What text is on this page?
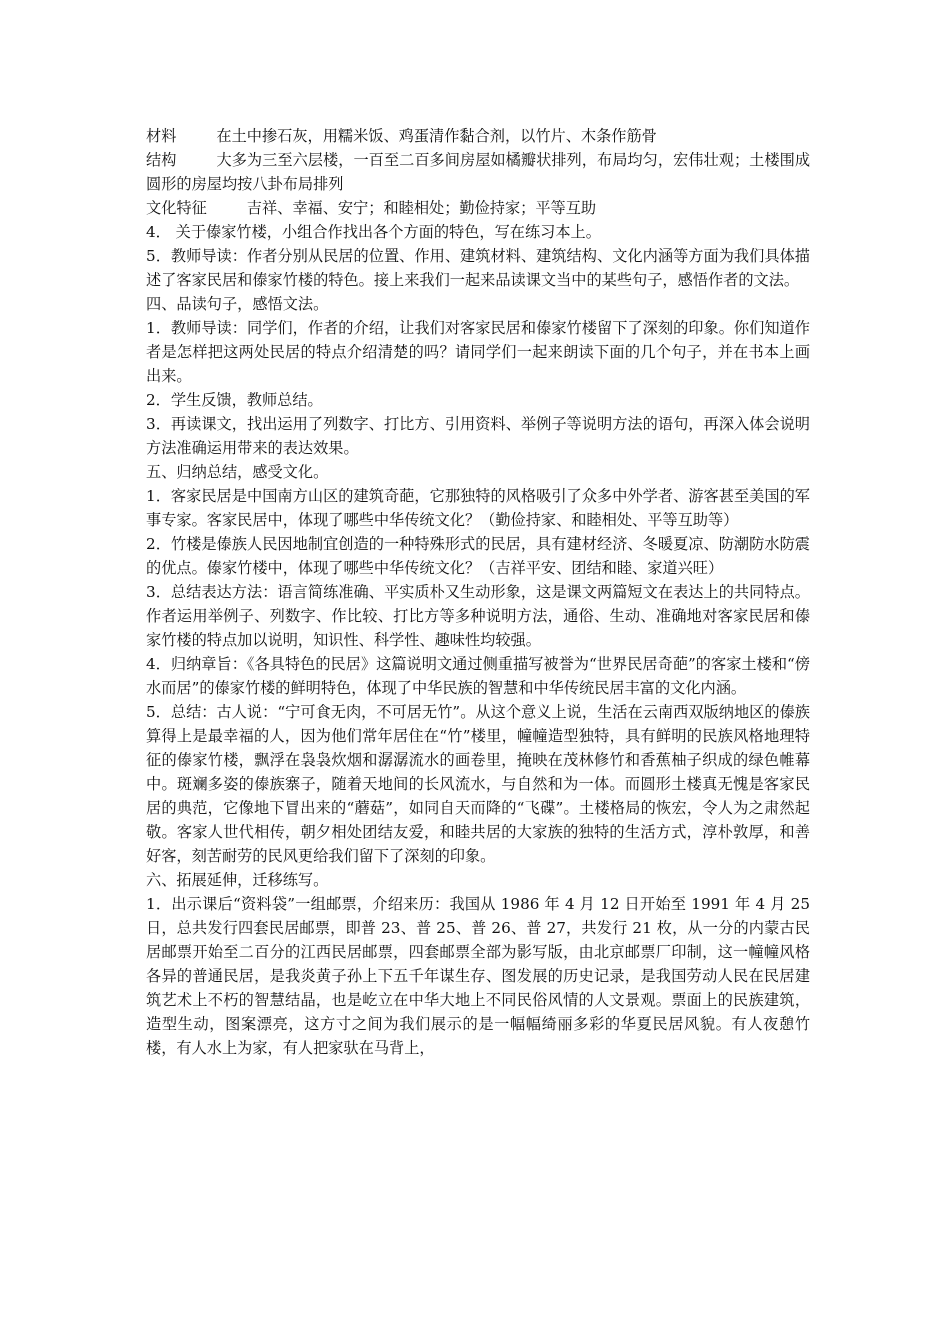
材料	在土中掺石灰，用糯米饭、鸡蛋清作黏合剂，以竹片、木条作筋骨

结构	大多为三至六层楼，一百至二百多间房屋如橘瓣状排列，布局均匀，宏伟壮观；土楼围成圆形的房屋均按八卦布局排列

文化特征	吉祥、幸福、安宁；和睦相处；勤俭持家；平等互助

4． 关于傣家竹楼，小组合作找出各个方面的特色，写在练习本上。

5．教师导读：作者分别从民居的位置、作用、建筑材料、建筑结构、文化内涵等方面为我们具体描述了客家民居和傣家竹楼的特色。接上来我们一起来品读课文当中的某些句子，感悟作者的文法。

四、品读句子，感悟文法。

1．教师导读：同学们，作者的介绍，让我们对客家民居和傣家竹楼留下了深刻的印象。你们知道作者是怎样把这两处民居的特点介绍清楚的吗？请同学们一起来朗读下面的几个句子，并在书本上画出来。

2．学生反馈，教师总结。

3．再读课文，找出运用了列数字、打比方、引用资料、举例子等说明方法的语句，再深入体会说明方法准确运用带来的表达效果。

五、归纳总结，感受文化。

1．客家民居是中国南方山区的建筑奇葩，它那独特的风格吸引了众多中外学者、游客甚至美国的军事专家。客家民居中，体现了哪些中华传统文化？（勤俭持家、和睦相处、平等互助等）

2．竹楼是傣族人民因地制宜创造的一种特殊形式的民居，具有建材经济、冬暖夏凉、防潮防水防震的优点。傣家竹楼中，体现了哪些中华传统文化？（吉祥平安、团结和睦、家道兴旺）

3．总结表达方法：语言简练准确、平实质朴又生动形象，这是课文两篇短文在表达上的共同特点。作者运用举例子、列数字、作比较、打比方等多种说明方法，通俗、生动、准确地对客家民居和傣家竹楼的特点加以说明，知识性、科学性、趣味性均较强。

4．归纳章旨：《各具特色的民居》这篇说明文通过侧重描写被誉为“世界民居奇葩”的客家土楼和“傍水而居”的傣家竹楼的鲜明特色，体现了中华民族的智慧和中华传统民居丰富的文化内涵。

5．总结：古人说：“宁可食无肉，不可居无竹”。从这个意义上说，生活在云南西双版纳地区的傣族算得上是最幸福的人，因为他们常年居住在“竹”楼里，幢幢造型独特，具有鲜明的民族风格地理特征的傣家竹楼，飘浮在袅袅炊烟和潺潺流水的画卷里，掩映在茂林修竹和香蕉柚子织成的绿色帷幕中。斑斓多姿的傣族寨子，随着天地间的长风流水，与自然和为一体。而圆形土楼真无愧是客家民居的典范，它像地下冒出来的“蘑菇”，如同自天而降的“飞碟”。土楼格局的恢宏，令人为之肃然起敬。客家人世代相传，朝夕相处团结友爱，和睦共居的大家族的独特的生活方式，淳朴敦厚，和善好客，刻苦耐劳的民风更给我们留下了深刻的印象。

六、拓展延伸，迁移练写。

1．出示课后“资料袋”一组邮票，介绍来历：我国从 1986 年 4 月 12 日开始至 1991 年 4 月 25 日，总共发行四套民居邮票，即普 23、普 25、普 26、普 27，共发行 21 枚，从一分的内蒙古民居邮票开始至二百分的江西民居邮票，四套邮票全部为影写版，由北京邮票厂印制，这一幢幢风格各异的普通民居，是我炎黄子孙上下五千年谋生存、图发展的历史记录，是我国劳动人民在民居建筑艺术上不朽的智慧结晶，也是屹立在中华大地上不同民俗风情的人文景观。票面上的民族建筑，造型生动，图案漂亮，这方寸之间为我们展示的是一幅幅绮丽多彩的华夏民居风貌。有人夜憩竹楼，有人水上为家，有人把家驮在马背上，
